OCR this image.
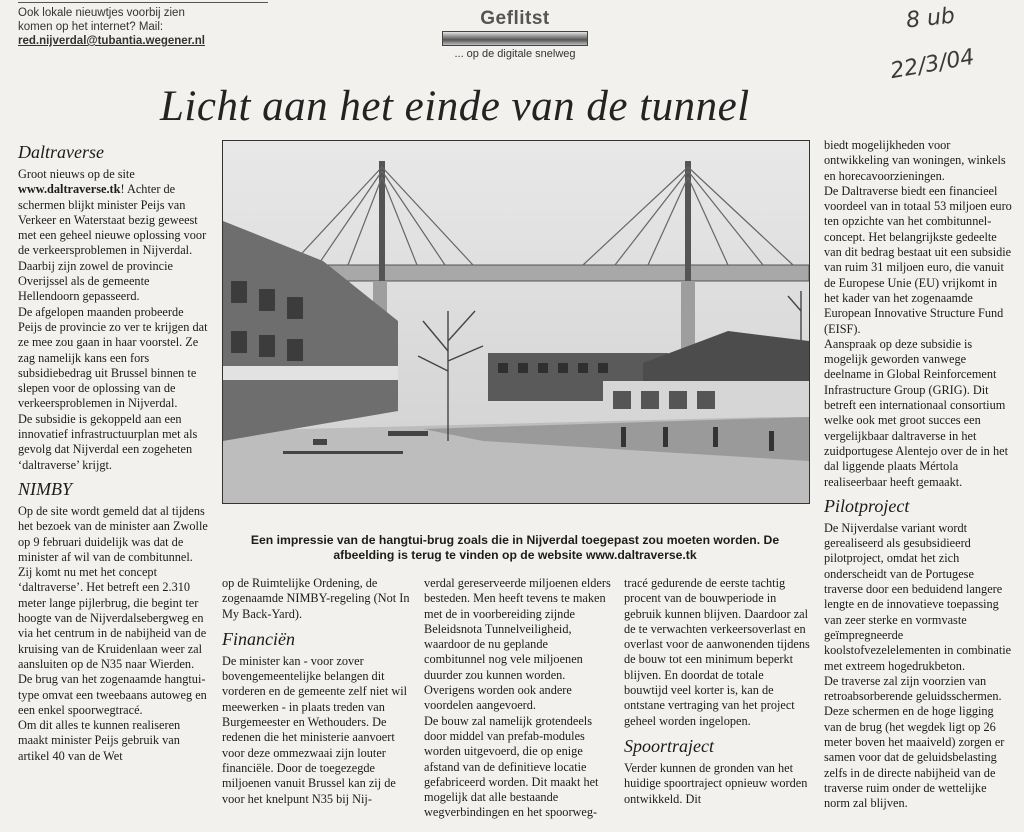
Ook lokale nieuwtjes voorbij zien komen op het internet? Mail:
red.nijverdal@tubantia.wegener.nl
Geflitst
... op de digitale snelweg
8 ub
22/3/04
Licht aan het einde van de tunnel
Daltraverse

Groot nieuws op de site www.daltraverse.tk! Achter de schermen blijkt minister Peijs van Verkeer en Waterstaat bezig geweest met een geheel nieuwe oplossing voor de verkeersproblemen in Nijverdal. Daarbij zijn zowel de provincie Overijssel als de gemeente Hellendoorn gepasseerd.

De afgelopen maanden probeerde Peijs de provincie zo ver te krijgen dat ze mee zou gaan in haar voorstel. Ze zag namelijk kans een fors subsidiebedrag uit Brussel binnen te slepen voor de oplossing van de verkeersproblemen in Nijverdal.

De subsidie is gekoppeld aan een innovatief infrastructuurplan met als gevolg dat Nijverdal een zogeheten ‘daltraverse’ krijgt.

NIMBY

Op de site wordt gemeld dat al tijdens het bezoek van de minister aan Zwolle op 9 februari duidelijk was dat de minister af wil van de combitunnel. Zij komt nu met het concept ‘daltraverse’. Het betreft een 2.310 meter lange pijlerbrug, die begint ter hoogte van de Nijverdalsebergweg en via het centrum in de nabijheid van de kruising van de Kruidenlaan weer zal aansluiten op de N35 naar Wierden. De brug van het zogenaamde hangtui-type omvat een tweebaans autoweg en een enkel spoorwegtracé.

Om dit alles te kunnen realiseren maakt minister Peijs gebruik van artikel 40 van de Wet

Een impressie van de hangtui-brug zoals die in Nijverdal toegepast zou moeten worden. De afbeelding is terug te vinden op de website www.daltraverse.tk

op de Ruimtelijke Ordening, de zogenaamde NIMBY-regeling (Not In My Back-Yard).

Financiën

De minister kan - voor zover bovengemeentelijke belangen dit vorderen en de gemeente zelf niet wil meewerken - in plaats treden van Burgemeester en Wethouders. De redenen die het ministerie aanvoert voor deze ommezwaai zijn louter financiële. Door de toegezegde miljoenen vanuit Brussel kan zij de voor het knelpunt N35 bij Nij-

verdal gereserveerde miljoenen elders besteden. Men heeft tevens te maken met de in voorbereiding zijnde Beleidsnota Tunnelveiligheid, waardoor de nu geplande combitunnel nog vele miljoenen duurder zou kunnen worden. Overigens worden ook andere voordelen aangevoerd.

De bouw zal namelijk grotendeels door middel van prefab-modules worden uitgevoerd, die op enige afstand van de definitieve locatie gefabriceerd worden. Dit maakt het mogelijk dat alle bestaande wegverbindingen en het spoorweg-

tracé gedurende de eerste tachtig procent van de bouwperiode in gebruik kunnen blijven. Daardoor zal de te verwachten verkeersoverlast en overlast voor de aanwonenden tijdens de bouw tot een minimum beperkt blijven. En doordat de totale bouwtijd veel korter is, kan de ontstane vertraging van het project geheel worden ingelopen.

Spoortraject

Verder kunnen de gronden van het huidige spoortraject opnieuw worden ontwikkeld. Dit

biedt mogelijkheden voor ontwikkeling van woningen, winkels en horecavoorzieningen.

De Daltraverse biedt een financieel voordeel van in totaal 53 miljoen euro ten opzichte van het combitunnel-concept. Het belangrijkste gedeelte van dit bedrag bestaat uit een subsidie van ruim 31 miljoen euro, die vanuit de Europese Unie (EU) vrijkomt in het kader van het zogenaamde European Innovative Structure Fund (EISF).

Aanspraak op deze subsidie is mogelijk geworden vanwege deelname in Global Reinforcement Infrastructure Group (GRIG). Dit betreft een internationaal consortium welke ook met groot succes een vergelijkbaar daltraverse in het zuidportugese Alentejo over de in het dal liggende plaats Mértola realiseerbaar heeft gemaakt.

Pilotproject

De Nijverdalse variant wordt gerealiseerd als gesubsidieerd pilotproject, omdat het zich onderscheidt van de Portugese traverse door een beduidend langere lengte en de innovatieve toepassing van zeer sterke en vormvaste geïmpregneerde koolstofvezelelementen in combinatie met extreem hogedrukbeton.

De traverse zal zijn voorzien van retroabsorberende geluidsschermen. Deze schermen en de hoge ligging van de brug (het wegdek ligt op 26 meter boven het maaiveld) zorgen er samen voor dat de geluidsbelasting zelfs in de directe nabijheid van de traverse ruim onder de wettelijke norm zal blijven.
